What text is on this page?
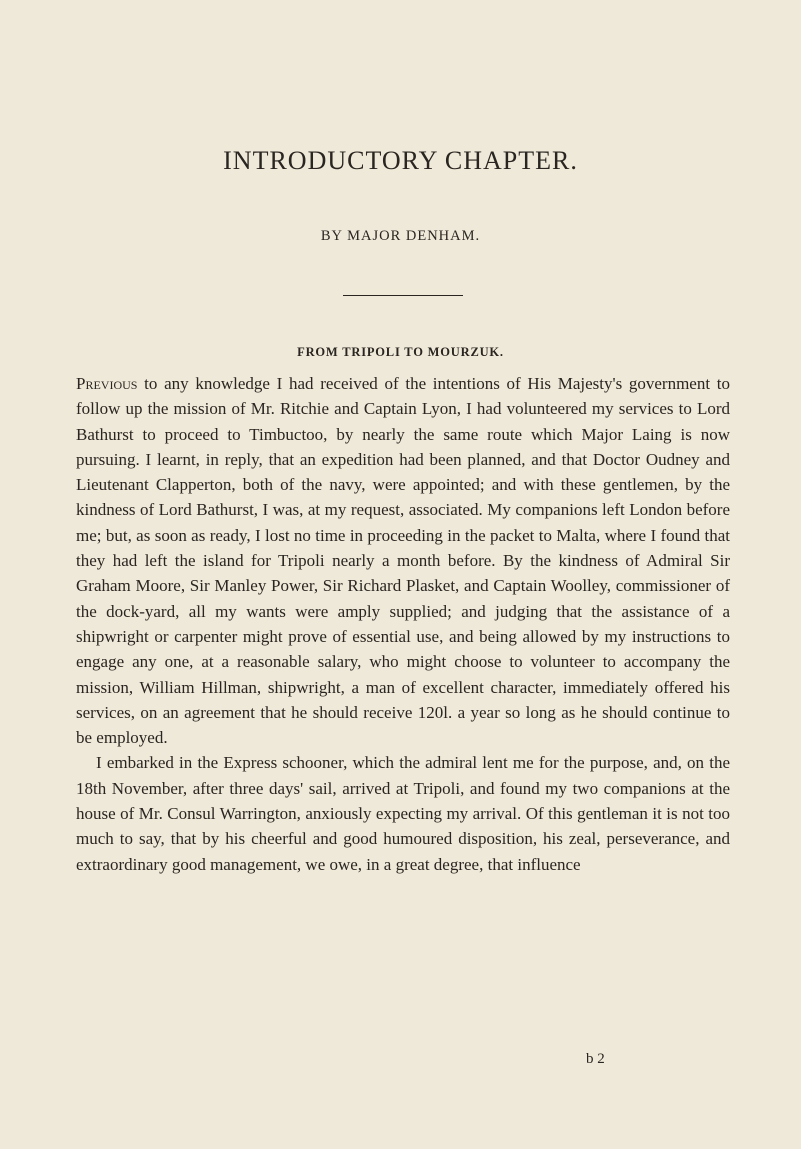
INTRODUCTORY CHAPTER.
BY MAJOR DENHAM.
FROM TRIPOLI TO MOURZUK.

Previous to any knowledge I had received of the intentions of His Majesty's government to follow up the mission of Mr. Ritchie and Captain Lyon, I had volunteered my services to Lord Bathurst to proceed to Timbuctoo, by nearly the same route which Major Laing is now pursuing. I learnt, in reply, that an expedition had been planned, and that Doctor Oudney and Lieutenant Clapperton, both of the navy, were appointed; and with these gentlemen, by the kindness of Lord Bathurst, I was, at my request, associated. My companions left London before me; but, as soon as ready, I lost no time in proceeding in the packet to Malta, where I found that they had left the island for Tripoli nearly a month before. By the kindness of Admiral Sir Graham Moore, Sir Manley Power, Sir Richard Plasket, and Captain Woolley, commissioner of the dock-yard, all my wants were amply supplied; and judging that the assistance of a shipwright or carpenter might prove of essential use, and being allowed by my instructions to engage any one, at a reasonable salary, who might choose to volunteer to accompany the mission, William Hillman, shipwright, a man of excellent character, immediately offered his services, on an agreement that he should receive 120l. a year so long as he should continue to be employed.

I embarked in the Express schooner, which the admiral lent me for the purpose, and, on the 18th November, after three days' sail, arrived at Tripoli, and found my two companions at the house of Mr. Consul Warrington, anxiously expecting my arrival. Of this gentleman it is not too much to say, that by his cheerful and good humoured disposition, his zeal, perseverance, and extraordinary good management, we owe, in a great degree, that influence

b 2
